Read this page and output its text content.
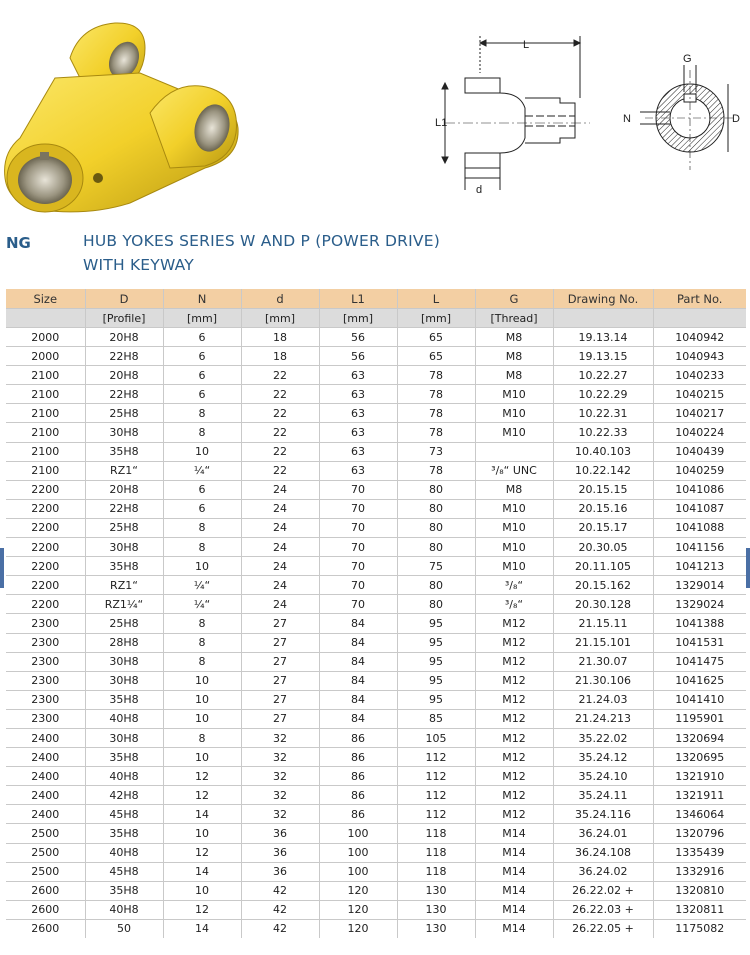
L
L1
d
G
N	D
NG	HUB YOKES SERIES W AND P (POWER DRIVE)
WITH KEYWAY
Size	D	N	d	L1	L	G	Drawing No.	Part No.
	[Profile]	[mm]	[mm]	[mm]	[mm]	[Thread]		
2000	20H8	6	18	56	65	M8	19.13.14	1040942
2000	22H8	6	18	56	65	M8	19.13.15	1040943
2100	20H8	6	22	63	78	M8	10.22.27	1040233
2100	22H8	6	22	63	78	M10	10.22.29	1040215
2100	25H8	8	22	63	78	M10	10.22.31	1040217
2100	30H8	8	22	63	78	M10	10.22.33	1040224
2100	35H8	10	22	63	73		10.40.103	1040439
2100	RZ1“	¼“	22	63	78	³/₈“ UNC	10.22.142	1040259
2200	20H8	6	24	70	80	M8	20.15.15	1041086
2200	22H8	6	24	70	80	M10	20.15.16	1041087
2200	25H8	8	24	70	80	M10	20.15.17	1041088
2200	30H8	8	24	70	80	M10	20.30.05	1041156
2200	35H8	10	24	70	75	M10	20.11.105	1041213
2200	RZ1“	¼“	24	70	80	³/₈“	20.15.162	1329014
2200	RZ1¼“	¼“	24	70	80	³/₈“	20.30.128	1329024
2300	25H8	8	27	84	95	M12	21.15.11	1041388
2300	28H8	8	27	84	95	M12	21.15.101	1041531
2300	30H8	8	27	84	95	M12	21.30.07	1041475
2300	30H8	10	27	84	95	M12	21.30.106	1041625
2300	35H8	10	27	84	95	M12	21.24.03	1041410
2300	40H8	10	27	84	85	M12	21.24.213	1195901
2400	30H8	8	32	86	105	M12	35.22.02	1320694
2400	35H8	10	32	86	112	M12	35.24.12	1320695
2400	40H8	12	32	86	112	M12	35.24.10	1321910
2400	42H8	12	32	86	112	M12	35.24.11	1321911
2400	45H8	14	32	86	112	M12	35.24.116	1346064
2500	35H8	10	36	100	118	M14	36.24.01	1320796
2500	40H8	12	36	100	118	M14	36.24.108	1335439
2500	45H8	14	36	100	118	M14	36.24.02	1332916
2600	35H8	10	42	120	130	M14	26.22.02 +	1320810
2600	40H8	12	42	120	130	M14	26.22.03 +	1320811
2600	50	14	42	120	130	M14	26.22.05 +	1175082
